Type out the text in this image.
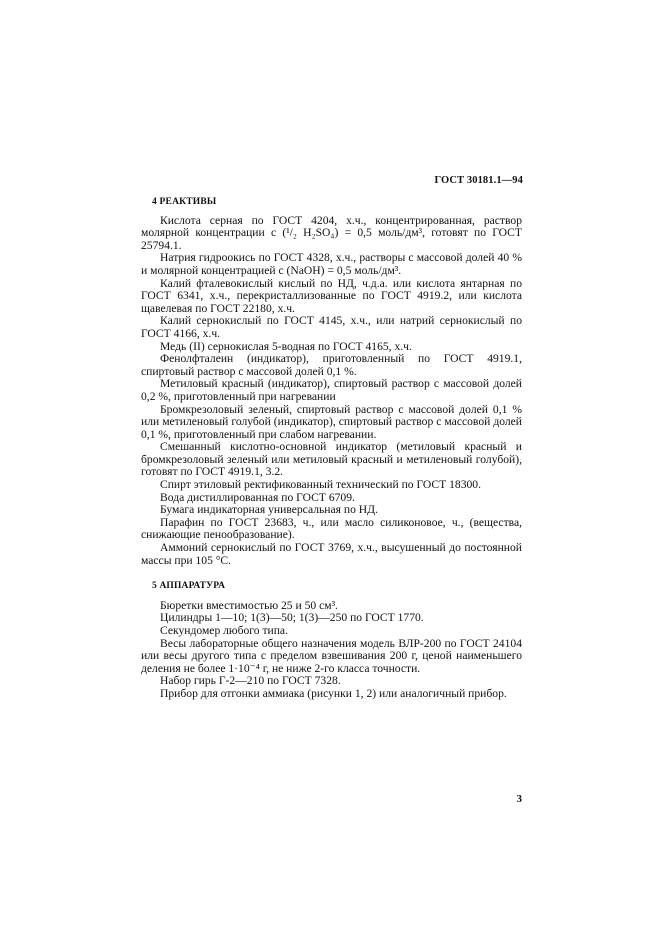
ГОСТ 30181.1—94
4 РЕАКТИВЫ

Кислота серная по ГОСТ 4204, х.ч., концентрированная, раствор молярной концентрации c (¹/₂ H₂SO₄) = 0,5 моль/дм³, готовят по ГОСТ 25794.1.

Натрия гидроокись по ГОСТ 4328, х.ч., растворы с массовой долей 40 % и молярной концентрацией c (NaOH) = 0,5 моль/дм³.

Калий фталевокислый кислый по НД, ч.д.а. или кислота янтарная по ГОСТ 6341, х.ч., перекристаллизованные по ГОСТ 4919.2, или кислота щавелевая по ГОСТ 22180, х.ч.

Калий сернокислый по ГОСТ 4145, х.ч., или натрий сернокислый по ГОСТ 4166, х.ч.

Медь (II) сернокислая 5-водная по ГОСТ 4165, х.ч.

Фенолфталеин (индикатор), приготовленный по ГОСТ 4919.1, спиртовый раствор с массовой долей 0,1 %.

Метиловый красный (индикатор), спиртовый раствор с массовой долей 0,2 %, приготовленный при нагревании

Бромкрезоловый зеленый, спиртовый раствор с массовой долей 0,1 % или метиленовый голубой (индикатор), спиртовый раствор с массовой долей 0,1 %, приготовленный при слабом нагревании.

Смешанный кислотно-основной индикатор (метиловый красный и бромкрезоловый зеленый или метиловый красный и метиленовый голубой), готовят по ГОСТ 4919.1, 3.2.

Спирт этиловый ректификованный технический по ГОСТ 18300.

Вода дистиллированная по ГОСТ 6709.

Бумага индикаторная универсальная по НД.

Парафин по ГОСТ 23683, ч., или масло силиконовое, ч., (вещества, снижающие пенообразование).

Аммоний сернокислый по ГОСТ 3769, х.ч., высушенный до постоянной массы при 105 °С.

5 АППАРАТУРА

Бюретки вместимостью 25 и 50 см³.

Цилиндры 1—10; 1(3)—50; 1(3)—250 по ГОСТ 1770.

Секундомер любого типа.

Весы лабораторные общего назначения модель ВЛР-200 по ГОСТ 24104 или весы другого типа с пределом взвешивания 200 г, ценой наименьшего деления не более 1·10⁻⁴ г, не ниже 2-го класса точности.

Набор гирь Г-2—210 по ГОСТ 7328.

Прибор для отгонки аммиака (рисунки 1, 2) или аналогичный прибор.

3
